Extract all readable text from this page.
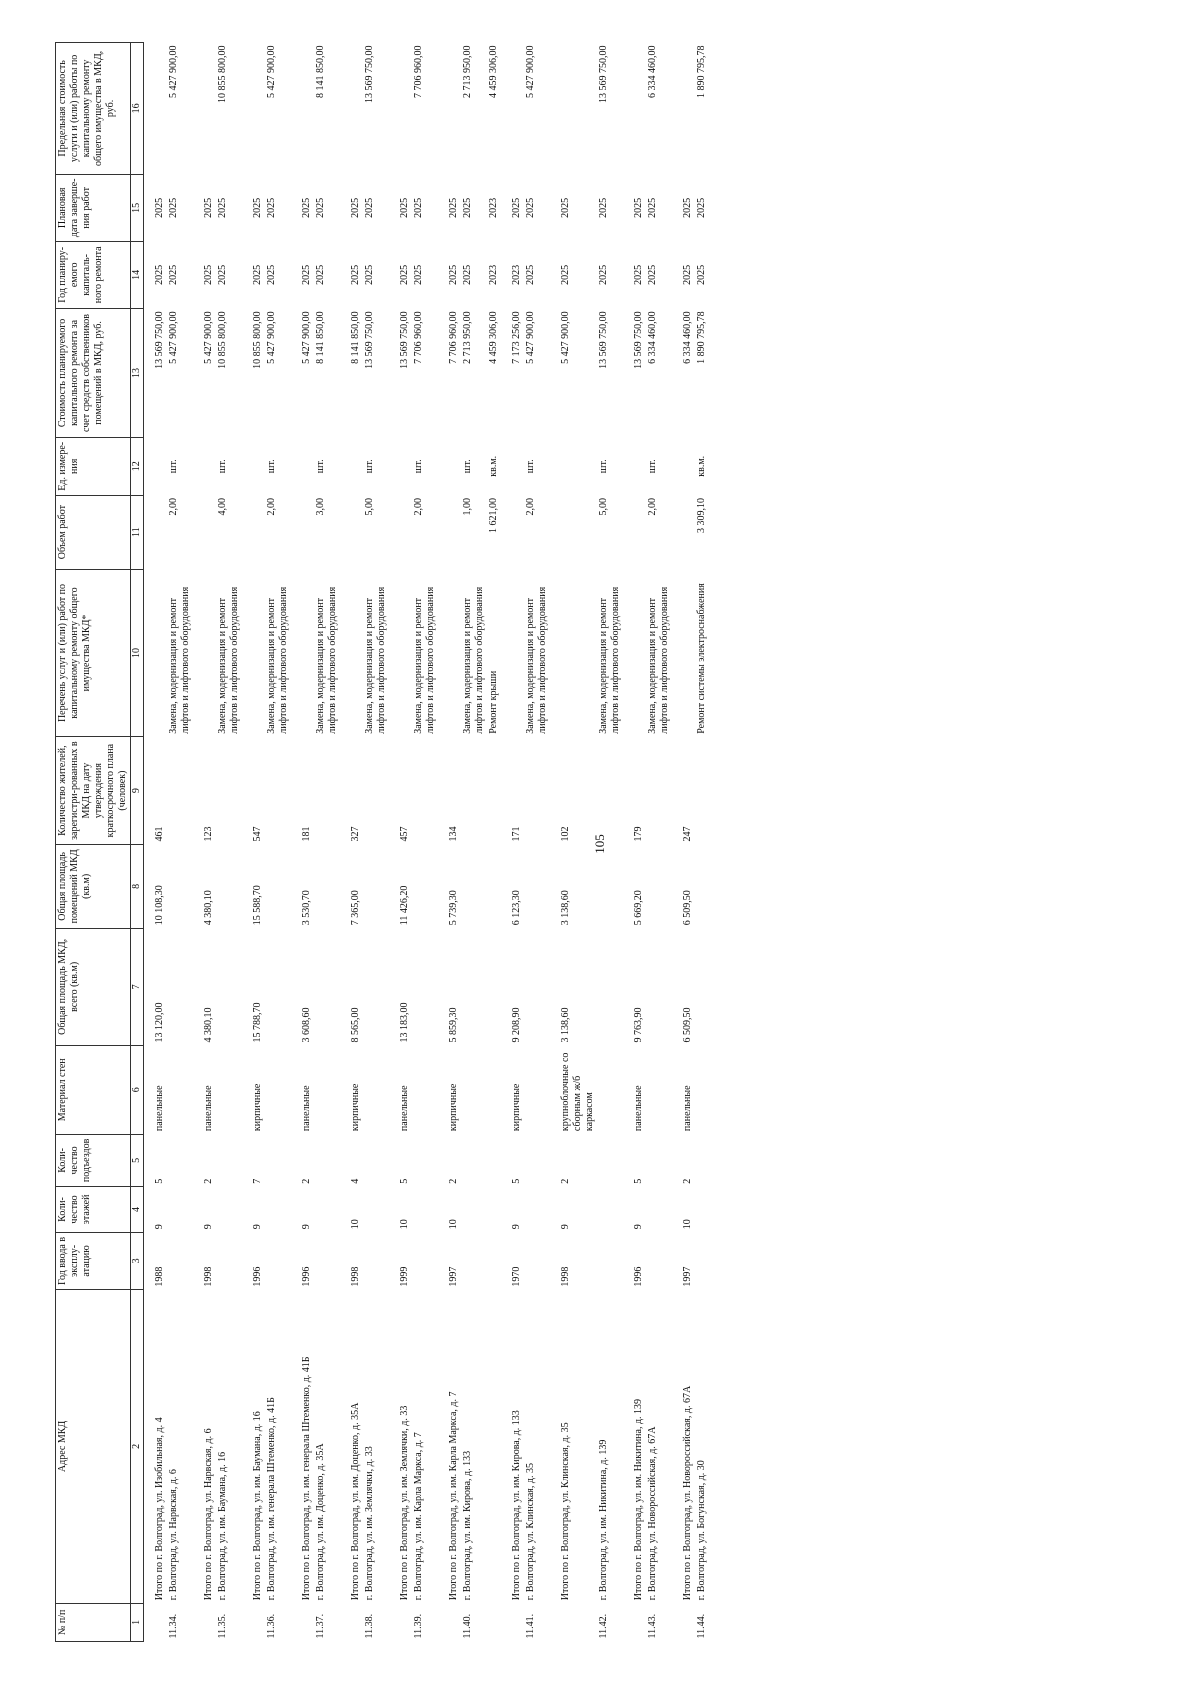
105
№ п/п	Адрес МКД	Год ввода в эксплу-атацию	Коли-чество этажей	Коли-чество подъездов	Материал стен	Общая площадь МКД, всего (кв.м)	Общая площадь помещений МКД (кв.м)	Количество жителей, зарегистри-рованных в МКД на дату утверждения краткосрочного плана (человек)	Перечень услуг и (или) работ по капитальному ремонту общего имущества МКД*	Объем работ	Ед. измере-ния	Стоимость планируемого капитального ремонта за счет средств собственников помещений в МКД, руб.	Год планиру-емого капиталь-ного ремонта	Плановая дата заверше-ния работ	Предельная стоимость услуги и (или) работы по капитальному ремонту общего имущества в МКД, руб.
1	2	3	4	5	6	7	8	9	10	11	12	13	14	15	16
	Итого по г. Волгоград, ул. Изобильная, д. 4	1988	9	5	панельные	13 120,00	10 108,30	461				13 569 750,00	2025	2025	
11.34.	г. Волгоград, ул. Нарвская, д. 6								Замена, модернизация и ремонт лифтов и лифтового оборудования	2,00	шт.	5 427 900,00	2025	2025	5 427 900,00
	Итого по г. Волгоград, ул. Нарвская, д. 6	1998	9	2	панельные	4 380,10	4 380,10	123				5 427 900,00	2025	2025	
11.35.	г. Волгоград, ул. им. Баумана, д. 16								Замена, модернизация и ремонт лифтов и лифтового оборудования	4,00	шт.	10 855 800,00	2025	2025	10 855 800,00
	Итого по г. Волгоград, ул. им. Баумана, д. 16	1996	9	7	кирпичные	15 788,70	15 588,70	547				10 855 800,00	2025	2025	
11.36.	г. Волгоград, ул. им. генерала Штеменко, д. 41Б								Замена, модернизация и ремонт лифтов и лифтового оборудования	2,00	шт.	5 427 900,00	2025	2025	5 427 900,00
	Итого по г. Волгоград, ул. им. генерала Штеменко, д. 41Б	1996	9	2	панельные	3 608,60	3 530,70	181				5 427 900,00	2025	2025	
11.37.	г. Волгоград, ул. им. Доценко, д. 35А								Замена, модернизация и ремонт лифтов и лифтового оборудования	3,00	шт.	8 141 850,00	2025	2025	8 141 850,00
	Итого по г. Волгоград, ул. им. Доценко, д. 35А	1998	10	4	кирпичные	8 565,00	7 365,00	327				8 141 850,00	2025	2025	
11.38.	г. Волгоград, ул. им. Землячки, д. 33								Замена, модернизация и ремонт лифтов и лифтового оборудования	5,00	шт.	13 569 750,00	2025	2025	13 569 750,00
	Итого по г. Волгоград, ул. им. Землячки, д. 33	1999	10	5	панельные	13 183,00	11 426,20	457				13 569 750,00	2025	2025	
11.39.	г. Волгоград, ул. им. Карла Маркса, д. 7								Замена, модернизация и ремонт лифтов и лифтового оборудования	2,00	шт.	7 706 960,00	2025	2025	7 706 960,00
	Итого по г. Волгоград, ул. им. Карла Маркса, д. 7	1997	10	2	кирпичные	5 859,30	5 739,30	134				7 706 960,00	2025	2025	
11.40.	г. Волгоград, ул. им. Кирова, д. 133								Замена, модернизация и ремонт лифтов и лифтового оборудования	1,00	шт.	2 713 950,00	2025	2025	2 713 950,00
									Ремонт крыши	1 621,00	кв.м.	4 459 306,00	2023	2023	4 459 306,00
	Итого по г. Волгоград, ул. им. Кирова, д. 133	1970	9	5	кирпичные	9 208,90	6 123,30	171				7 173 256,00	2023	2025	
11.41.	г. Волгоград, ул. Клинская, д. 35								Замена, модернизация и ремонт лифтов и лифтового оборудования	2,00	шт.	5 427 900,00	2025	2025	5 427 900,00
	Итого по г. Волгоград, ул. Клинская, д. 35	1998	9	2	крупноблочные со сборным ж/б каркасом	3 138,60	3 138,60	102				5 427 900,00	2025	2025	
11.42.	г. Волгоград, ул. им. Никитина, д. 139								Замена, модернизация и ремонт лифтов и лифтового оборудования	5,00	шт.	13 569 750,00	2025	2025	13 569 750,00
	Итого по г. Волгоград, ул. им. Никитина, д. 139	1996	9	5	панельные	9 763,90	5 669,20	179				13 569 750,00	2025	2025	
11.43.	г. Волгоград, ул. Новороссийская, д. 67А								Замена, модернизация и ремонт лифтов и лифтового оборудования	2,00	шт.	6 334 460,00	2025	2025	6 334 460,00
	Итого по г. Волгоград, ул. Новороссийская, д. 67А	1997	10	2	панельные	6 509,50	6 509,50	247				6 334 460,00	2025	2025	
11.44.	г. Волгоград, ул. Богунская, д. 30								Ремонт системы электроснабжения	3 309,10	кв.м.	1 890 795,78	2025	2025	1 890 795,78
